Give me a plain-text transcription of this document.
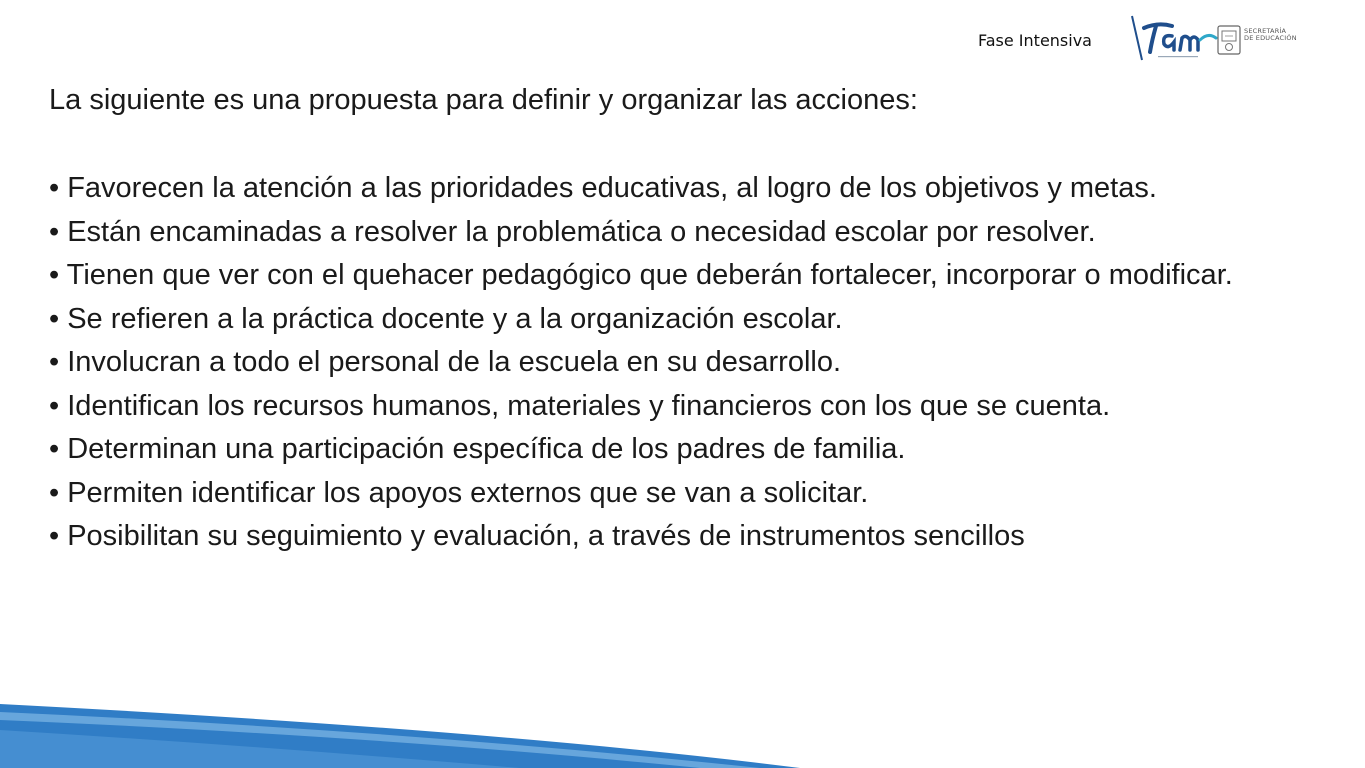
Fase Intensiva	SECRETARÍA
DE EDUCACIÓN

La siguiente es una propuesta para definir y organizar las acciones:

• Favorecen la atención a las prioridades educativas, al logro de los objetivos y metas.
• Están encaminadas a resolver la problemática o necesidad escolar por resolver.
• Tienen que ver con el quehacer pedagógico que deberán fortalecer, incorporar o modificar.
• Se refieren a la práctica docente y a la organización escolar.
• Involucran a todo el personal de la escuela en su desarrollo.
• Identifican los recursos humanos, materiales y financieros con los que se cuenta.
• Determinan una participación específica de los padres de familia.
• Permiten identificar los apoyos externos que se van a solicitar.
• Posibilitan su seguimiento y evaluación, a través de instrumentos sencillos
